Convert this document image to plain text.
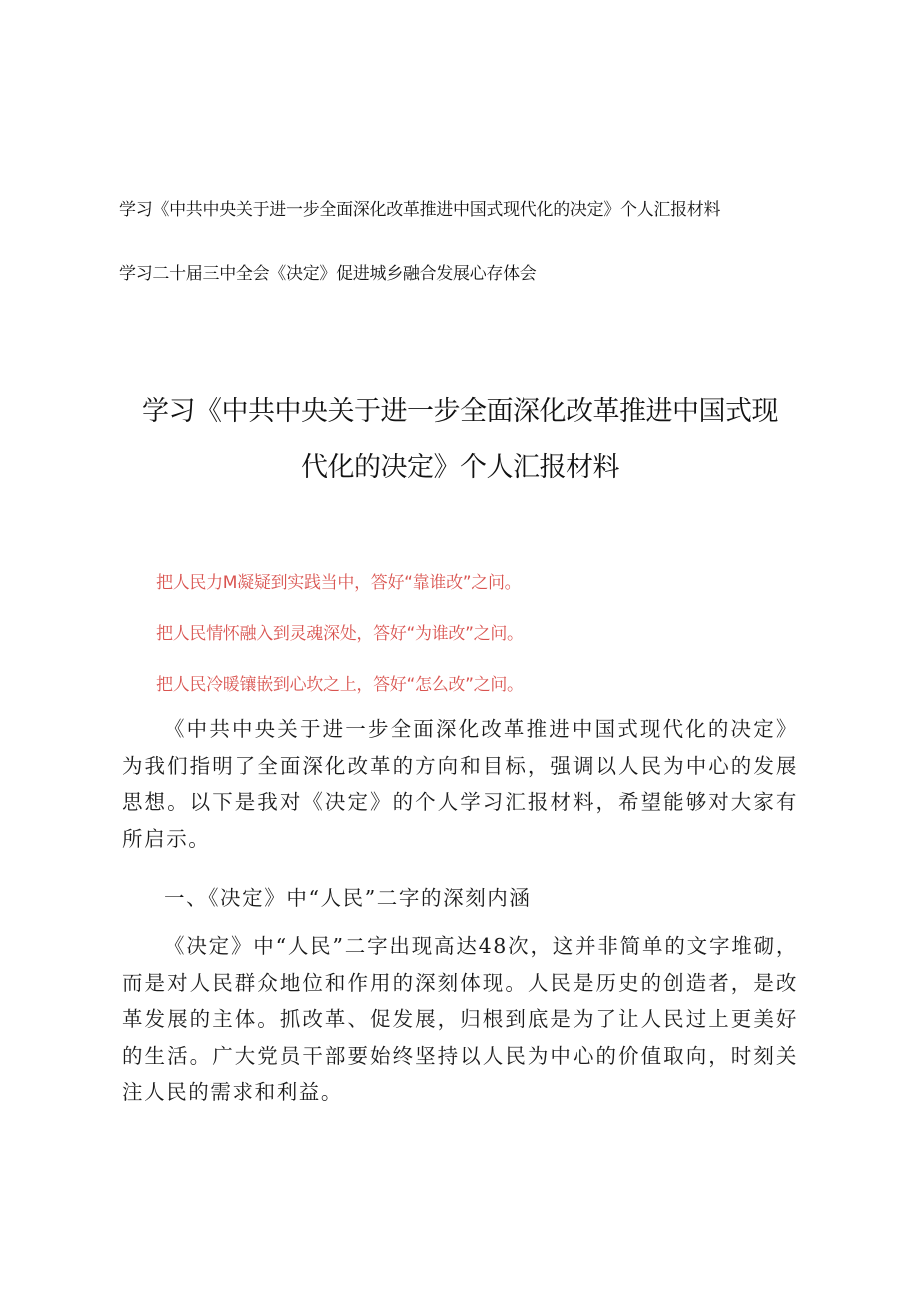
学习《中共中央关于进一步全面深化改革推进中国式现代化的决定》个人汇报材料
学习二十届三中全会《决定》促进城乡融合发展心存体会
学习《中共中央关于进一步全面深化改革推进中国式现
代化的决定》个人汇报材料
把人民力M凝疑到实践当中，答好“靠谁改”之问。
把人民情怀融入到灵魂深处，答好“为谁改”之问。
把人民冷暖镶嵌到心坎之上，答好“怎么改”之问。
《中共中央关于进一步全面深化改革推进中国式现代化的决定》为我们指明了全面深化改革的方向和目标，强调以人民为中心的发展思想。以下是我对《决定》的个人学习汇报材料，希望能够对大家有所启示。
一、《决定》中“人民”二字的深刻内涵
《决定》中“人民”二字出现高达48次，这并非简单的文字堆砌，而是对人民群众地位和作用的深刻体现。人民是历史的创造者，是改革发展的主体。抓改革、促发展，归根到底是为了让人民过上更美好的生活。广大党员干部要始终坚持以人民为中心的价值取向，时刻关注人民的需求和利益。
